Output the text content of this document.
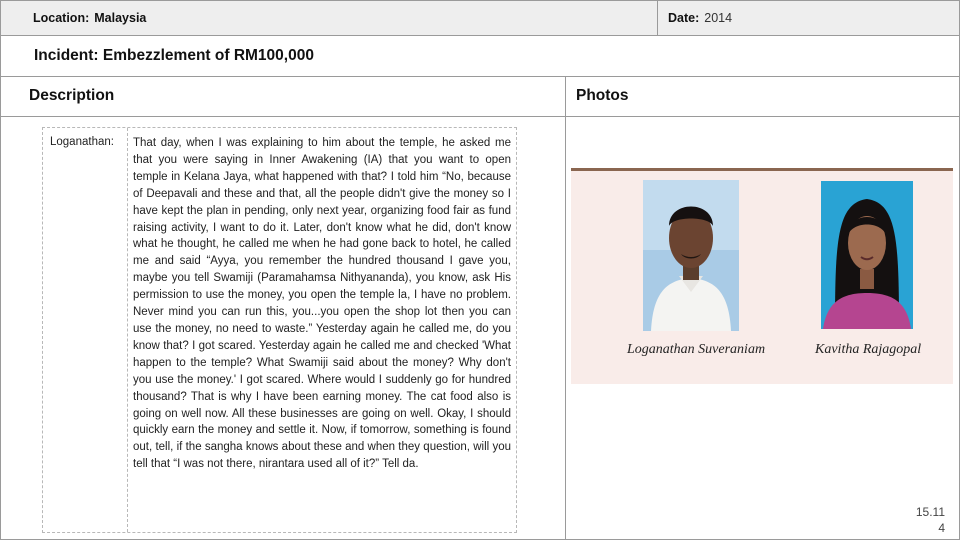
Location: Malaysia	Date: 2014
Incident:
Embezzlement of RM100,000
Description	Photos
Loganathan: That day, when I was explaining to him about the temple, he asked me that you were saying in Inner Awakening (IA) that you want to open temple in Kelana Jaya, what happened with that? I told him “No, because of Deepavali and these and that, all the people didn't give the money so I have kept the plan in pending, only next year, organizing food fair as fund raising activity, I want to do it. Later, don't know what he did, don't know what he thought, he called me when he had gone back to hotel, he called me and said “Ayya, you remember the hundred thousand I gave you, maybe you tell Swamiji (Paramahamsa Nithyananda), you know, ask His permission to use the money, you open the temple la, I have no problem. Never mind you can run this, you...you open the shop lot then you can use the money, no need to waste.” Yesterday again he called me, do you know that? I got scared. Yesterday again he called me and checked 'What happen to the temple? What Swamiji said about the money? Why don't you use the money.' I got scared. Where would I suddenly go for hundred thousand? That is why I have been earning money. The cat food also is going on well now. All these businesses are going on well. Okay, I should quickly earn the money and settle it. Now, if tomorrow, something is found out, tell, if the sangha knows about these and when they question, will you tell that “I was not there, nirantara used all of it?” Tell da.
Loganathan Suveraniam	Kavitha Rajagopal
15.11
4
